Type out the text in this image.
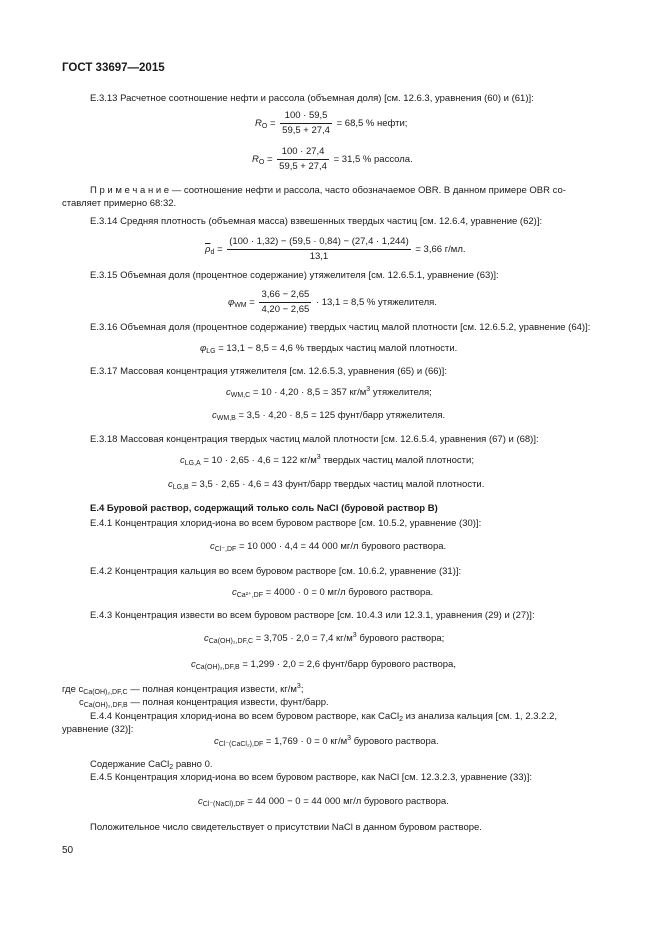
ГОСТ 33697—2015
Е.3.13 Расчетное соотношение нефти и рассола (объемная доля) [см. 12.6.3, уравнения (60) и (61)]:
$R_O = \frac{100 \cdot 59,5}{59,5 + 27,4} = 68,5$ % нефти;
$R_O = \frac{100 \cdot 27,4}{59,5 + 27,4} = 31,5$ % рассола.
П р и м е ч а н и е — соотношение нефти и рассола, часто обозначаемое OBR. В данном примере OBR со-
ставляет примерно 68:32.
Е.3.14 Средняя плотность (объемная масса) взвешенных твердых частиц [см. 12.6.4, уравнение (62)]:
$\overline{\rho}_d = \frac{(100 \cdot 1,32) - (59,5 \cdot 0,84) - (27,4 \cdot 1,244)}{13,1} = 3,66$ г/мл.
Е.3.15 Объемная доля (процентное содержание) утяжелителя [см. 12.6.5.1, уравнение (63)]:
$\varphi_{WM} = \frac{3,66 - 2,65}{4,20 - 2,65} \cdot 13,1 = 8,5$ % утяжелителя.
Е.3.16 Объемная доля (процентное содержание) твердых частиц малой плотности [см. 12.6.5.2, уравнение (64)]:
$\varphi_{LG} = 13,1 - 8,5 = 4,6$ % твердых частиц малой плотности.
Е.3.17 Массовая концентрация утяжелителя [см. 12.6.5.3, уравнения (65) и (66)]:
$c_{WM,C} = 10 \cdot 4,20 \cdot 8,5 = 357$ $кг/м^3$ утяжелителя;
$c_{WM,B} = 3,5 \cdot 4,20 \cdot 8,5 = 125$ фунт/барр утяжелителя.
Е.3.18 Массовая концентрация твердых частиц малой плотности [см. 12.6.5.4, уравнения (67) и (68)]:
$c_{LG,A} = 10 \cdot 2,65 \cdot 4,6 = 122$ $кг/м^3$ твердых частиц малой плотности;
$c_{LG,B} = 3,5 \cdot 2,65 \cdot 4,6 = 43$ фунт/барр твердых частиц малой плотности.
Е.4 Буровой раствор, содержащий только соль NaCl (буровой раствор В)
Е.4.1 Концентрация хлорид-иона во всем буровом растворе [см. 10.5.2, уравнение (30)]:
$c_{Cl^-,DF} = 10$ 000 · 4,4 = 44 000 мг/л бурового раствора.
Е.4.2 Концентрация кальция во всем буровом растворе [см. 10.6.2, уравнение (31)]:
$c_{Ca^{2+},DF} = 4000 \cdot 0 = 0$ мг/л бурового раствора.
Е.4.3 Концентрация извести во всем буровом растворе [см. 10.4.3 или 12.3.1, уравнения (29) и (27)]:
$c_{Ca(OH)_2,DF,C} = 3,705 \cdot 2,0 = 7,4$ $кг/м^3$ бурового раствора;
$c_{Ca(OH)_2,DF,B} = 1,299 \cdot 2,0 = 2,6$ фунт/барр бурового раствора,
где $c_{Ca(OH)_2,DF,C}$ — полная концентрация извести, $кг/м^3$;
$c_{Ca(OH)_2,DF,B}$ — полная концентрация извести, фунт/барр.
Е.4.4 Концентрация хлорид-иона во всем буровом растворе, как CaCl$_2$ из анализа кальция [см. 1, 2.3.2.2,
уравнение (32)]:
$c_{Cl^-(CaCl_2),DF} = 1,769 \cdot 0 = 0$ $кг/м^3$ бурового раствора.
Содержание CaCl$_2$ равно 0.
Е.4.5 Концентрация хлорид-иона во всем буровом растворе, как NaCl [см. 12.3.2.3, уравнение (33)]:
$c_{Cl^-(NaCl),DF} = 44$ 000 − 0 = 44 000 мг/л бурового раствора.
Положительное число свидетельствует о присутствии NaCl в данном буровом растворе.
50
